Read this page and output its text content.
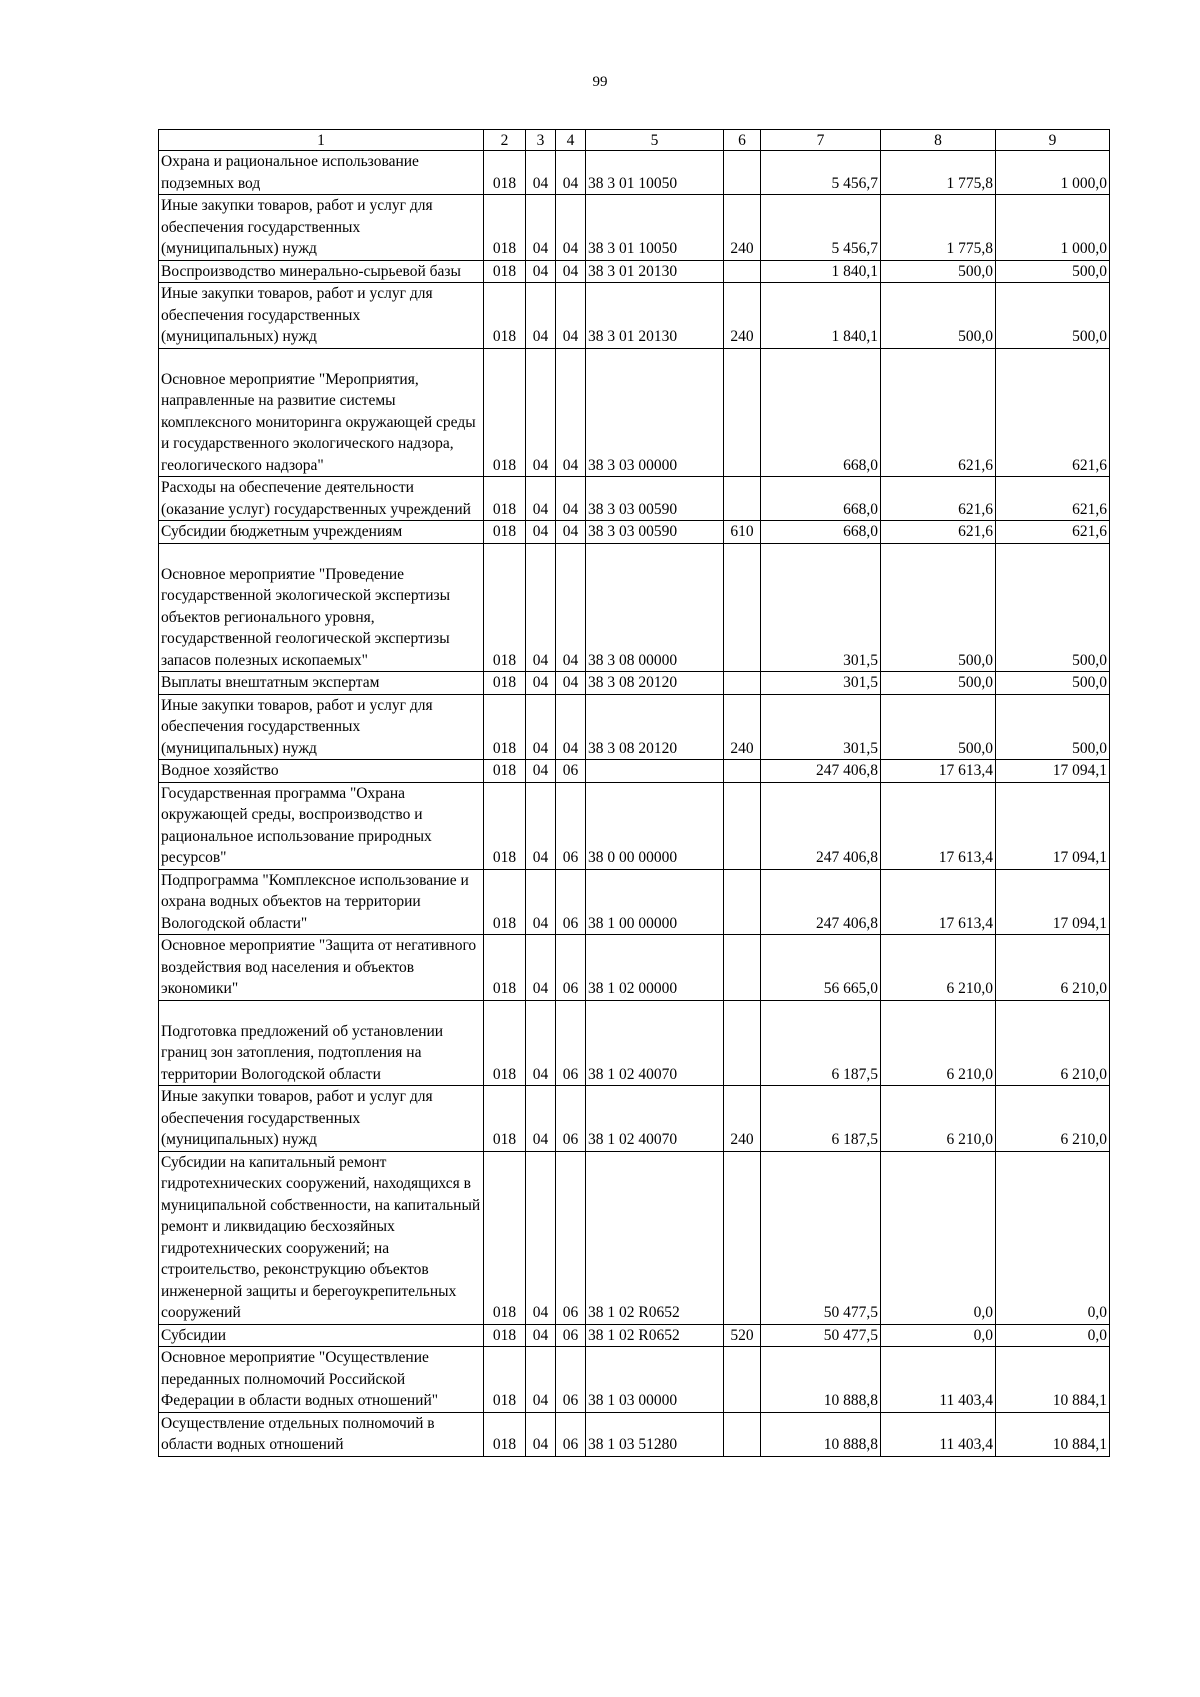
99
1	2	3	4	5	6	7	8	9
Охрана и рациональное использование подземных вод	018	04	04	38 3 01 10050		5 456,7	1 775,8	1 000,0
Иные закупки товаров, работ и услуг для обеспечения государственных (муниципальных) нужд	018	04	04	38 3 01 10050	240	5 456,7	1 775,8	1 000,0
Воспроизводство минерально-сырьевой базы	018	04	04	38 3 01 20130		1 840,1	500,0	500,0
Иные закупки товаров, работ и услуг для обеспечения государственных (муниципальных) нужд	018	04	04	38 3 01 20130	240	1 840,1	500,0	500,0

Основное мероприятие "Мероприятия, направленные на развитие системы комплексного мониторинга окружающей среды и государственного экологического надзора, геологического надзора"	018	04	04	38 3 03 00000		668,0	621,6	621,6
Расходы на обеспечение деятельности (оказание услуг) государственных учреждений	018	04	04	38 3 03 00590		668,0	621,6	621,6
Субсидии бюджетным учреждениям	018	04	04	38 3 03 00590	610	668,0	621,6	621,6

Основное мероприятие "Проведение государственной экологической экспертизы объектов регионального уровня, государственной геологической экспертизы запасов полезных ископаемых"	018	04	04	38 3 08 00000		301,5	500,0	500,0
Выплаты внештатным экспертам	018	04	04	38 3 08 20120		301,5	500,0	500,0
Иные закупки товаров, работ и услуг для обеспечения государственных (муниципальных) нужд	018	04	04	38 3 08 20120	240	301,5	500,0	500,0
Водное хозяйство	018	04	06			247 406,8	17 613,4	17 094,1
Государственная программа "Охрана окружающей среды, воспроизводство и рациональное использование природных ресурсов"	018	04	06	38 0 00 00000		247 406,8	17 613,4	17 094,1
Подпрограмма "Комплексное использование и охрана водных объектов на территории Вологодской области"	018	04	06	38 1 00 00000		247 406,8	17 613,4	17 094,1
Основное мероприятие "Защита от негативного воздействия вод населения и объектов экономики"	018	04	06	38 1 02 00000		56 665,0	6 210,0	6 210,0

Подготовка предложений об установлении границ зон затопления, подтопления на территории Вологодской области	018	04	06	38 1 02 40070		6 187,5	6 210,0	6 210,0
Иные закупки товаров, работ и услуг для обеспечения государственных (муниципальных) нужд	018	04	06	38 1 02 40070	240	6 187,5	6 210,0	6 210,0
Субсидии на капитальный ремонт гидротехнических сооружений, находящихся в муниципальной собственности, на капитальный ремонт и ликвидацию бесхозяйных гидротехнических сооружений; на строительство, реконструкцию объектов инженерной защиты и берегоукрепительных сооружений	018	04	06	38 1 02 R0652		50 477,5	0,0	0,0
Субсидии	018	04	06	38 1 02 R0652	520	50 477,5	0,0	0,0
Основное мероприятие "Осуществление переданных полномочий Российской Федерации в области водных отношений"	018	04	06	38 1 03 00000		10 888,8	11 403,4	10 884,1
Осуществление отдельных полномочий в области водных отношений	018	04	06	38 1 03 51280		10 888,8	11 403,4	10 884,1
